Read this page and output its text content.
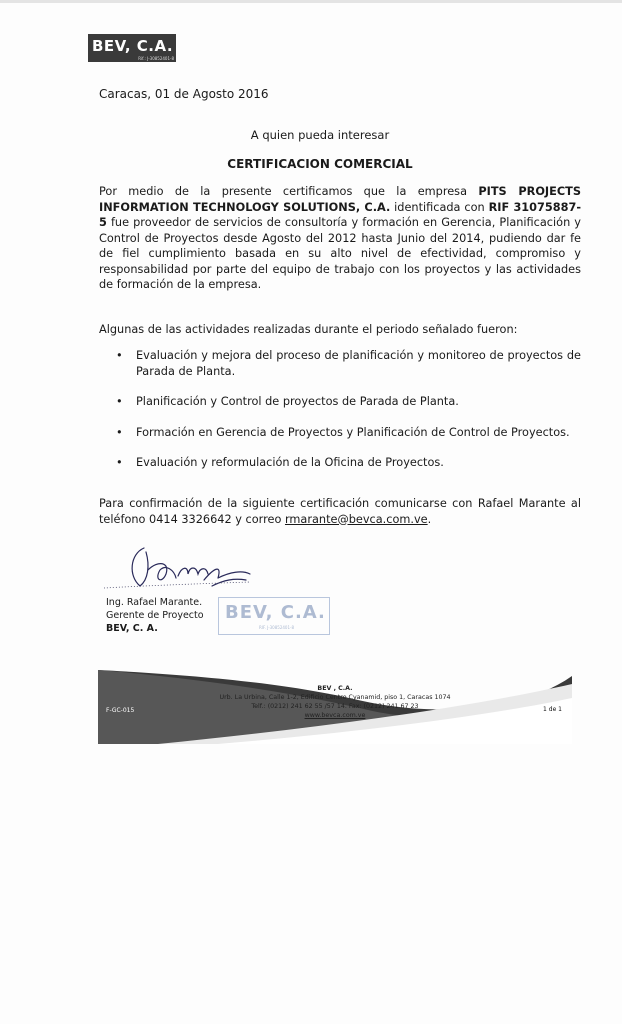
BEV, C.A.
Rif.: J-30852401-8
Caracas, 01 de Agosto 2016
A quien pueda interesar
CERTIFICACION COMERCIAL
Por medio de la presente certificamos que la empresa PITS PROJECTS INFORMATION TECHNOLOGY SOLUTIONS, C.A. identificada con RIF 31075887-5 fue proveedor de servicios de consultoría y formación en Gerencia, Planificación y Control de Proyectos desde Agosto del 2012 hasta Junio del 2014, pudiendo dar fe de fiel cumplimiento basada en su alto nivel de efectividad, compromiso y responsabilidad por parte del equipo de trabajo con los proyectos y las actividades de formación de la empresa.
Algunas de las actividades realizadas durante el periodo señalado fueron:
• Evaluación y mejora del proceso de planificación y monitoreo de proyectos de Parada de Planta.
• Planificación y Control de proyectos de Parada de Planta.
• Formación en Gerencia de Proyectos y Planificación de Control de Proyectos.
• Evaluación y reformulación de la Oficina de Proyectos.
Para confirmación de la siguiente certificación comunicarse con Rafael Marante al teléfono 0414 3326642 y correo rmarante@bevca.com.ve.
Ing. Rafael Marante.
Gerente de Proyecto
BEV, C. A.
BEV, C.A.
RIF. J-30852401-8
F-GC-015	1 de 1
BEV , C.A.
Urb. La Urbina, Calle 1-2, Edificio Centro Cyanamid, piso 1, Caracas 1074
Telf.: (0212) 241 62 55 /57 14. Fax: (0212) 241 67 23
www.bevca.com.ve
